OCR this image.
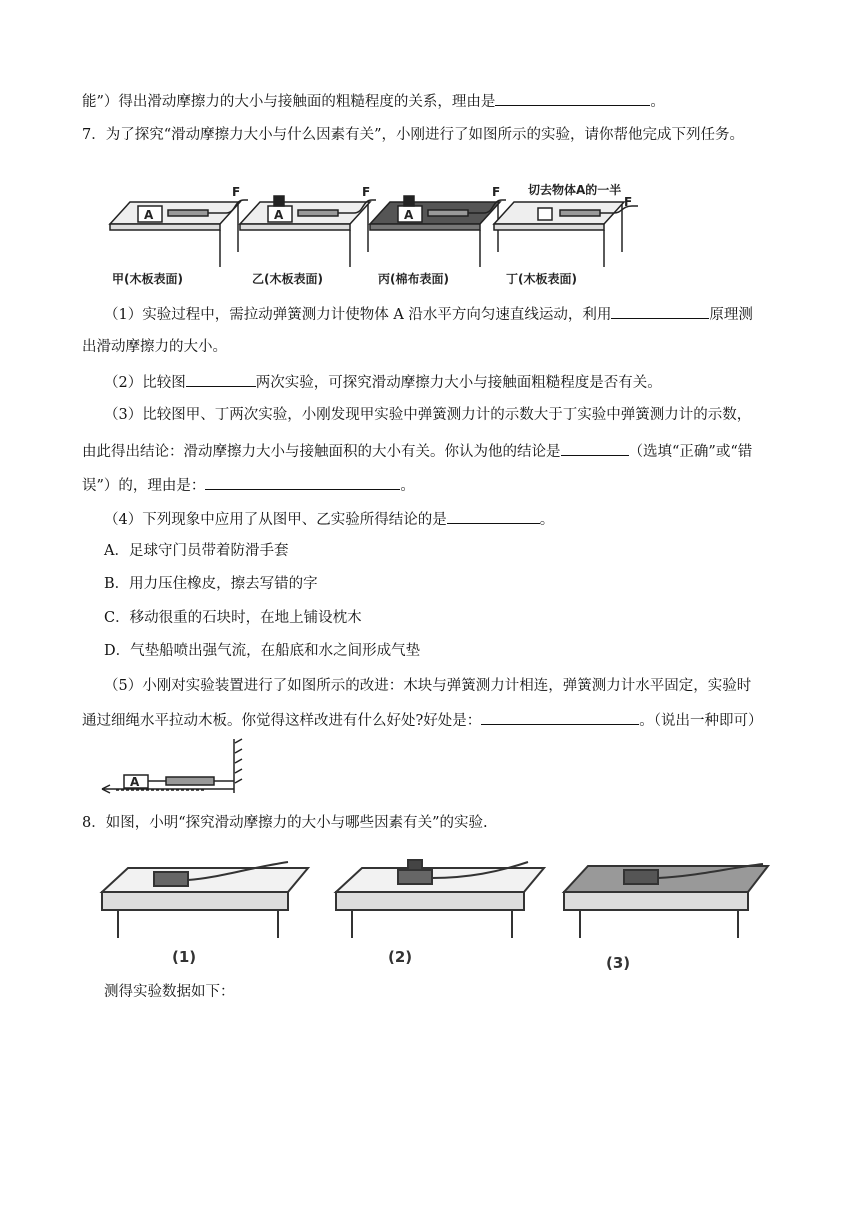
能”）得出滑动摩擦力的大小与接触面的粗糙程度的关系，理由是	。
7．为了探究“滑动摩擦力大小与什么因素有关”，小刚进行了如图所示的实验，请你帮他完成下列任务。
A	A	A
F	F	F
F
切去物体A的一半
甲(木板表面)	乙(木板表面)	丙(棉布表面)	丁(木板表面)
（1）实验过程中，需拉动弹簧测力计使物体 A 沿水平方向匀速直线运动，利用	原理测
出滑动摩擦力的大小。
（2）比较图	两次实验，可探究滑动摩擦力大小与接触面粗糙程度是否有关。
（3）比较图甲、丁两次实验，小刚发现甲实验中弹簧测力计的示数大于丁实验中弹簧测力计的示数，
由此得出结论：滑动摩擦力大小与接触面积的大小有关。你认为他的结论是	（选填“正确”或“错
误”）的，理由是：	。
（4）下列现象中应用了从图甲、乙实验所得结论的是	。
A．足球守门员带着防滑手套
B．用力压住橡皮，擦去写错的字
C．移动很重的石块时，在地上铺设枕木
D．气垫船喷出强气流，在船底和水之间形成气垫
（5）小刚对实验装置进行了如图所示的改进：木块与弹簧测力计相连，弹簧测力计水平固定，实验时
通过细绳水平拉动木板。你觉得这样改进有什么好处?好处是：	。（说出一种即可）
A
8．如图，小明“探究滑动摩擦力的大小与哪些因素有关”的实验.
(1)	(2)	(3)
测得实验数据如下：
